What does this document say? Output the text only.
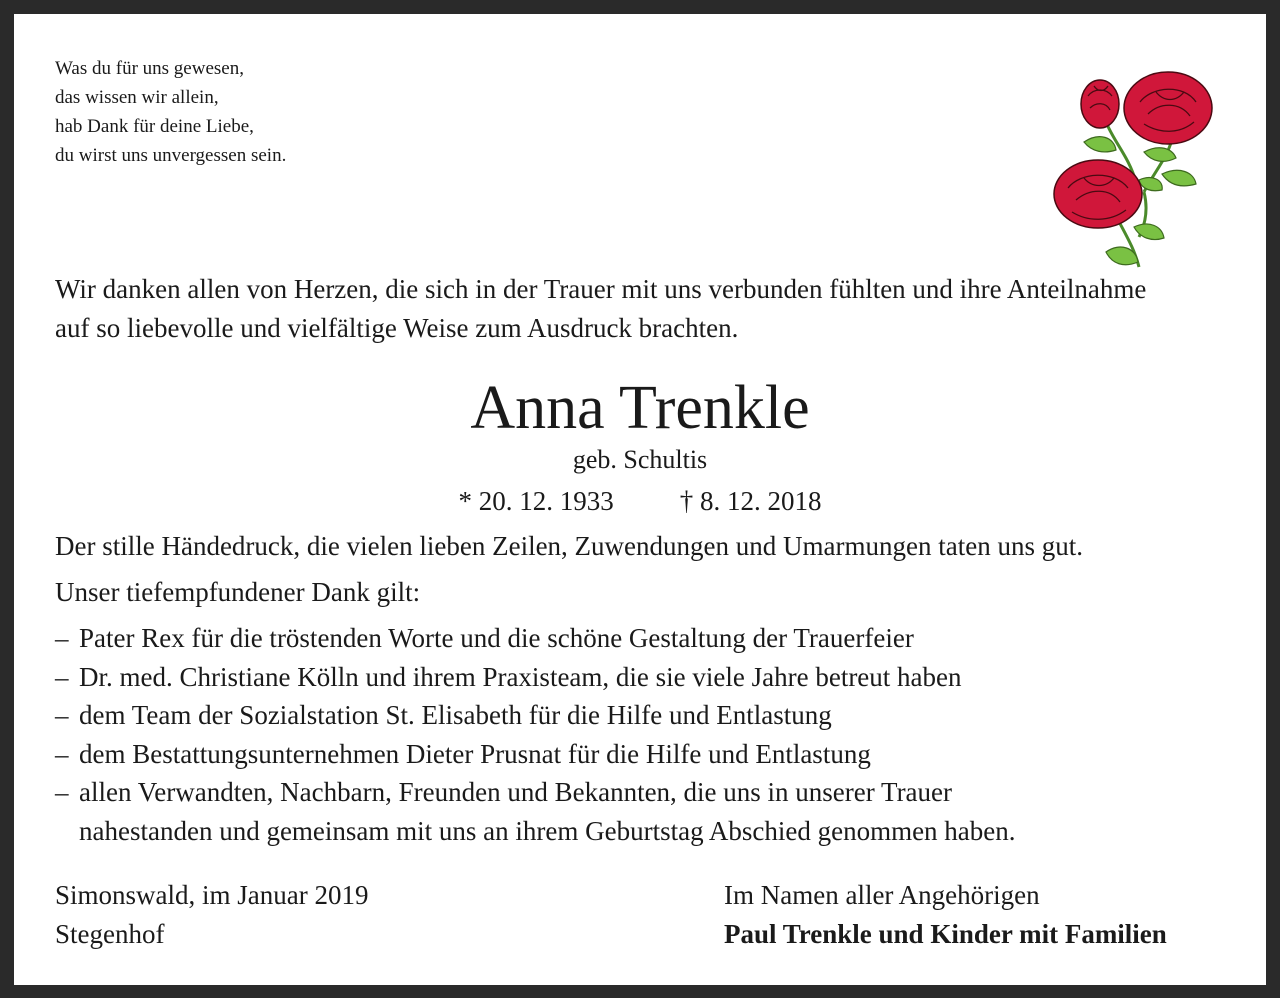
Was du für uns gewesen,
das wissen wir allein,
hab Dank für deine Liebe,
du wirst uns unvergessen sein.
Wir danken allen von Herzen, die sich in der Trauer mit uns verbunden fühlten und ihre Anteilnahme
auf so liebevolle und vielfältige Weise zum Ausdruck brachten.
Anna Trenkle
geb. Schultis
* 20. 12. 1933 † 8. 12. 2018
Der stille Händedruck, die vielen lieben Zeilen, Zuwendungen und Umarmungen taten uns gut.
Unser tiefempfundener Dank gilt:
– Pater Rex für die tröstenden Worte und die schöne Gestaltung der Trauerfeier
– Dr. med. Christiane Kölln und ihrem Praxisteam, die sie viele Jahre betreut haben
– dem Team der Sozialstation St. Elisabeth für die Hilfe und Entlastung
– dem Bestattungsunternehmen Dieter Prusnat für die Hilfe und Entlastung
– allen Verwandten, Nachbarn, Freunden und Bekannten, die uns in unserer Trauer
nahestanden und gemeinsam mit uns an ihrem Geburtstag Abschied genommen haben.
Simonswald, im Januar 2019
Stegenhof
Im Namen aller Angehörigen
Paul Trenkle und Kinder mit Familien
